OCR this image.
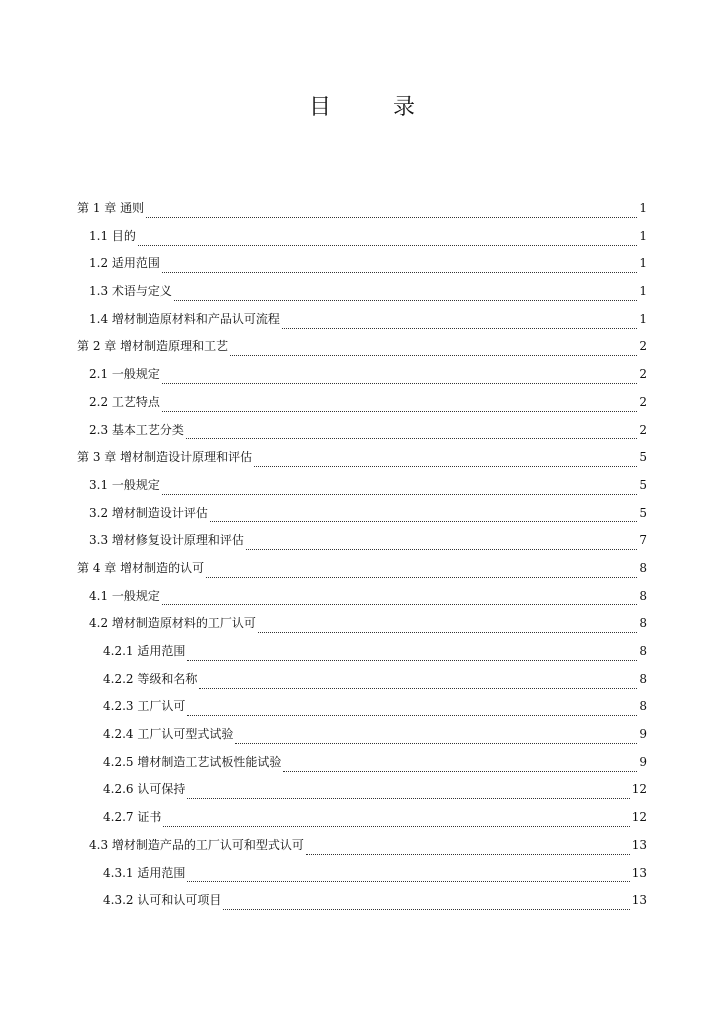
目	录
第 1 章 通则	1
1.1 目的	1
1.2 适用范围	1
1.3 术语与定义	1
1.4 增材制造原材料和产品认可流程	1
第 2 章 增材制造原理和工艺	2
2.1 一般规定	2
2.2 工艺特点	2
2.3 基本工艺分类	2
第 3 章 增材制造设计原理和评估	5
3.1 一般规定	5
3.2 增材制造设计评估	5
3.3 增材修复设计原理和评估	7
第 4 章 增材制造的认可	8
4.1 一般规定	8
4.2 增材制造原材料的工厂认可	8
4.2.1 适用范围	8
4.2.2 等级和名称	8
4.2.3 工厂认可	8
4.2.4 工厂认可型式试验	9
4.2.5 增材制造工艺试板性能试验	9
4.2.6 认可保持	12
4.2.7 证书	12
4.3 增材制造产品的工厂认可和型式认可	13
4.3.1 适用范围	13
4.3.2 认可和认可项目	13
